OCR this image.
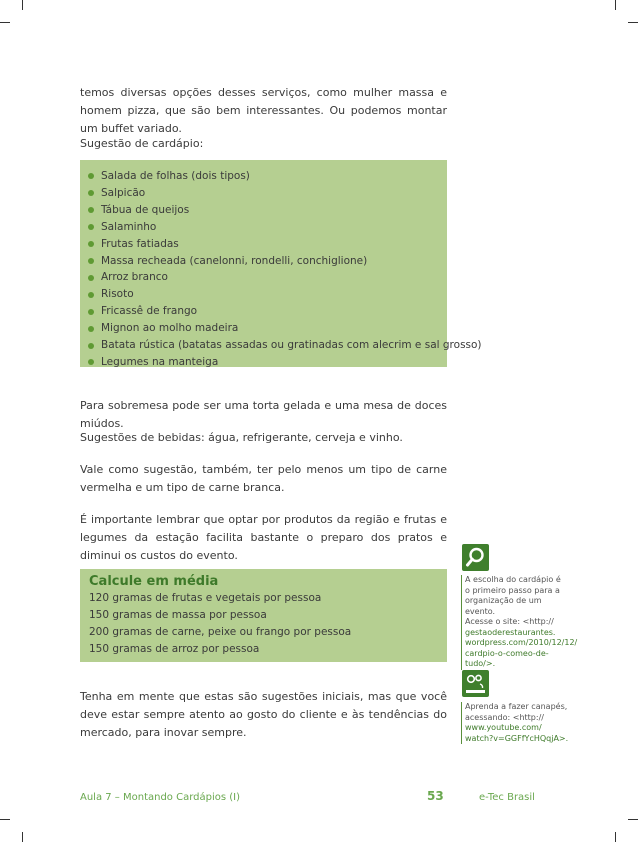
temos diversas opções desses serviços, como mulher massa e homem pizza, que são bem interessantes. Ou podemos montar um buffet variado.

Sugestão de cardápio:

Salada de folhas (dois tipos)
Salpicão
Tábua de queijos
Salaminho
Frutas fatiadas
Massa recheada (canelonni, rondelli, conchiglione)
Arroz branco
Risoto
Fricassê de frango
Mignon ao molho madeira
Batata rústica (batatas assadas ou gratinadas com alecrim e sal grosso)
Legumes na manteiga

Para sobremesa pode ser uma torta gelada e uma mesa de doces miúdos.

Sugestões de bebidas: água, refrigerante, cerveja e vinho.

Vale como sugestão, também, ter pelo menos um tipo de carne vermelha e um tipo de carne branca.

É importante lembrar que optar por produtos da região e frutas e legumes da estação facilita bastante o preparo dos pratos e diminui os custos do evento.

Calcule em média
120 gramas de frutas e vegetais por pessoa
150 gramas de massa por pessoa
200 gramas de carne, peixe ou frango por pessoa
150 gramas de arroz por pessoa

Tenha em mente que estas são sugestões iniciais, mas que você deve estar sempre atento ao gosto do cliente e às tendências do mercado, para inovar sempre.

A escolha do cardápio é
o primeiro passo para a
organização de um evento.
Acesse o site: <http://
gestaoderestaurantes.
wordpress.com/2010/12/12/
cardpio-o-comeo-de-tudo/>.
Aprenda a fazer canapés,
acessando: <http://
www.youtube.com/
watch?v=GGFfYcHQqjA>.
Aula 7 – Montando Cardápios (I)	53	e-Tec Brasil
